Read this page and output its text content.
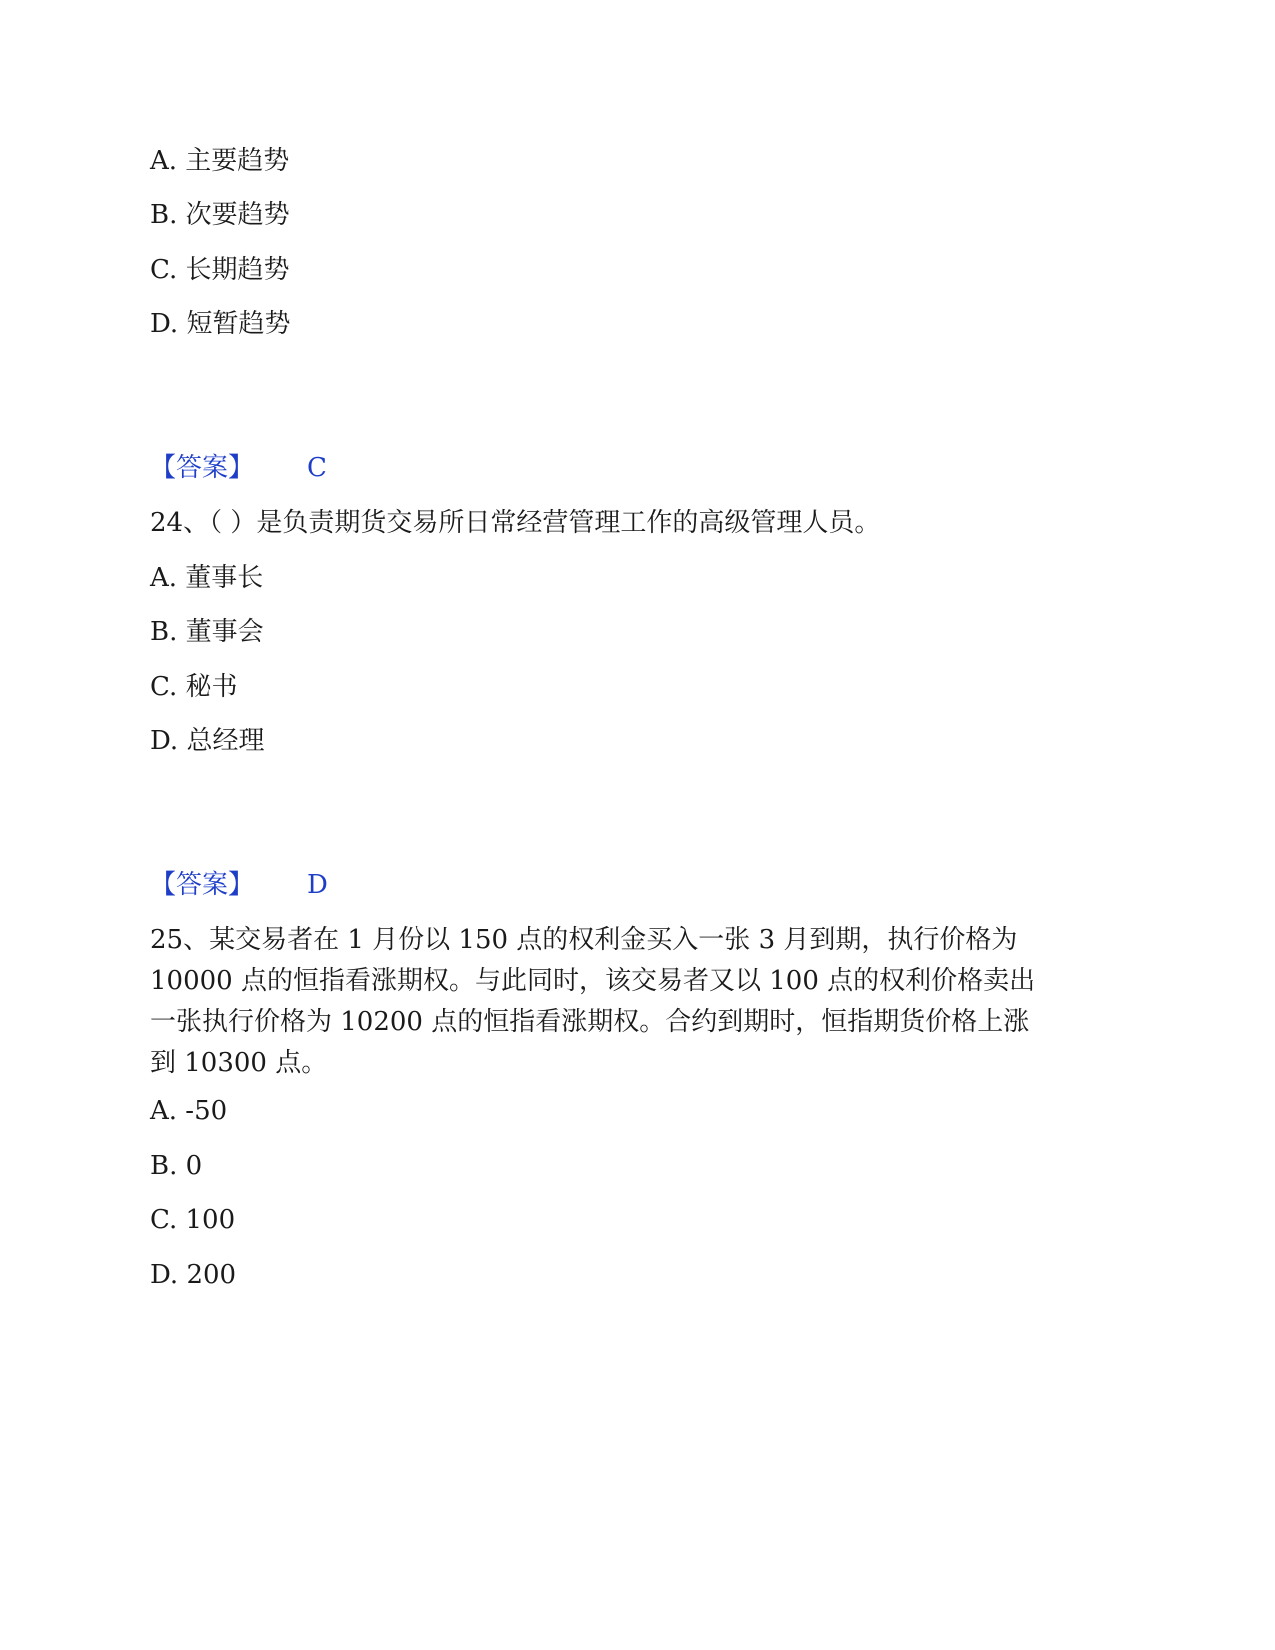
A. 主要趋势
B. 次要趋势
C. 长期趋势
D. 短暂趋势
【答案】 C
24、（ ）是负责期货交易所日常经营管理工作的高级管理人员。
A. 董事长
B. 董事会
C. 秘书
D. 总经理
【答案】 D
25、某交易者在 1 月份以 150 点的权利金买入一张 3 月到期，执行价格为
10000 点的恒指看涨期权。与此同时，该交易者又以 100 点的权利价格卖出
一张执行价格为 10200 点的恒指看涨期权。合约到期时，恒指期货价格上涨
到 10300 点。
A. -50
B. 0
C. 100
D. 200
